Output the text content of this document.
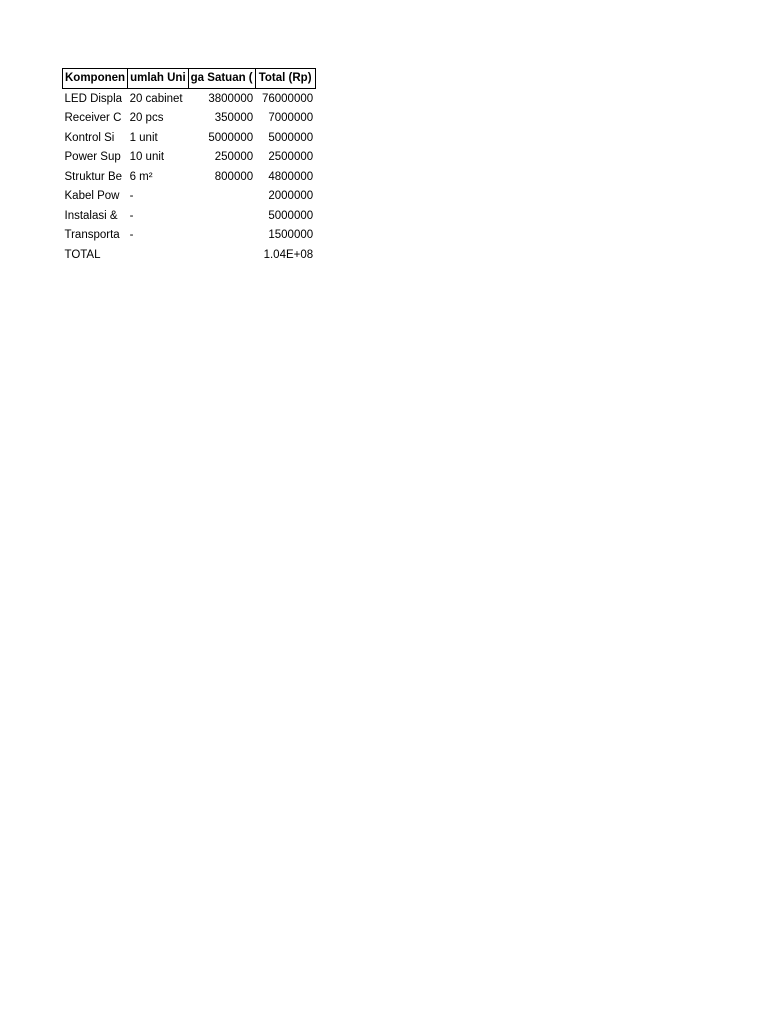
Komponen	umlah Uni	ga Satuan (	Total (Rp)
LED Displa	20 cabinet	3800000	76000000
Receiver C	20 pcs	350000	7000000
Kontrol Si	1 unit	5000000	5000000
Power Sup	10 unit	250000	2500000
Struktur Be	6 m²	800000	4800000
Kabel Pow	-		2000000
Instalasi &	-		5000000
Transporta	-		1500000
TOTAL			1.04E+08
